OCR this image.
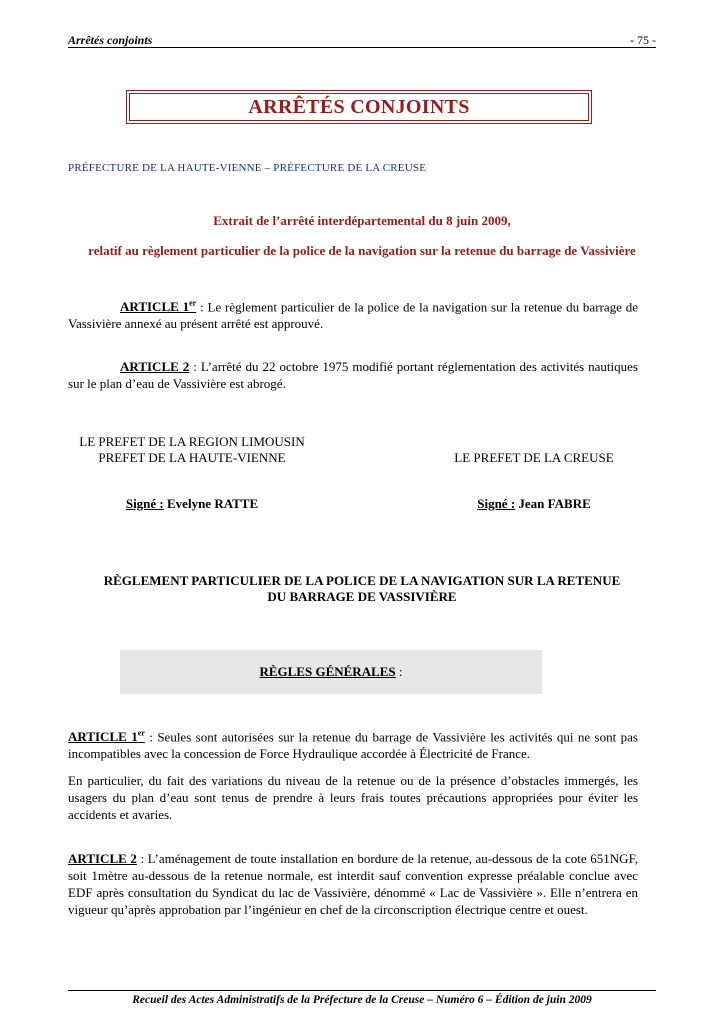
Arrêtés conjoints	- 75 -
ARRÊTÉS CONJOINTS
PRÉFECTURE DE LA HAUTE-VIENNE – PRÉFECTURE DE LA CREUSE
Extrait de l’arrêté interdépartemental du 8 juin 2009,
relatif au règlement particulier de la police de la navigation sur la retenue du barrage de Vassivière
ARTICLE 1er : Le règlement particulier de la police de la navigation sur la retenue du barrage de Vassivière annexé au présent arrêté est approuvé.
ARTICLE 2 : L’arrêté du 22 octobre 1975 modifié portant réglementation des activités nautiques sur le plan d’eau de Vassivière est abrogé.
LE PREFET DE LA REGION LIMOUSIN
PREFET DE LA HAUTE-VIENNE	LE PREFET DE LA CREUSE
Signé : Evelyne RATTE	Signé : Jean FABRE
RÈGLEMENT PARTICULIER DE LA POLICE DE LA NAVIGATION SUR LA RETENUE
DU BARRAGE DE VASSIVIÈRE
RÈGLES GÉNÉRALES :
ARTICLE 1er : Seules sont autorisées sur la retenue du barrage de Vassivière les activités qui ne sont pas incompatibles avec la concession de Force Hydraulique accordée à Électricité de France.
En particulier, du fait des variations du niveau de la retenue ou de la présence d’obstacles immergés, les usagers du plan d’eau sont tenus de prendre à leurs frais toutes précautions appropriées pour éviter les accidents et avaries.
ARTICLE 2 : L’aménagement de toute installation en bordure de la retenue, au-dessous de la cote 651NGF, soit 1mètre au-dessous de la retenue normale, est interdit sauf convention expresse préalable conclue avec EDF après consultation du Syndicat du lac de Vassivière, dénommé « Lac de Vassivière ». Elle n’entrera en vigueur qu’après approbation par l’ingénieur en chef de la circonscription électrique centre et ouest.
Recueil des Actes Administratifs de la Préfecture de la Creuse – Numéro 6 – Édition de juin 2009
